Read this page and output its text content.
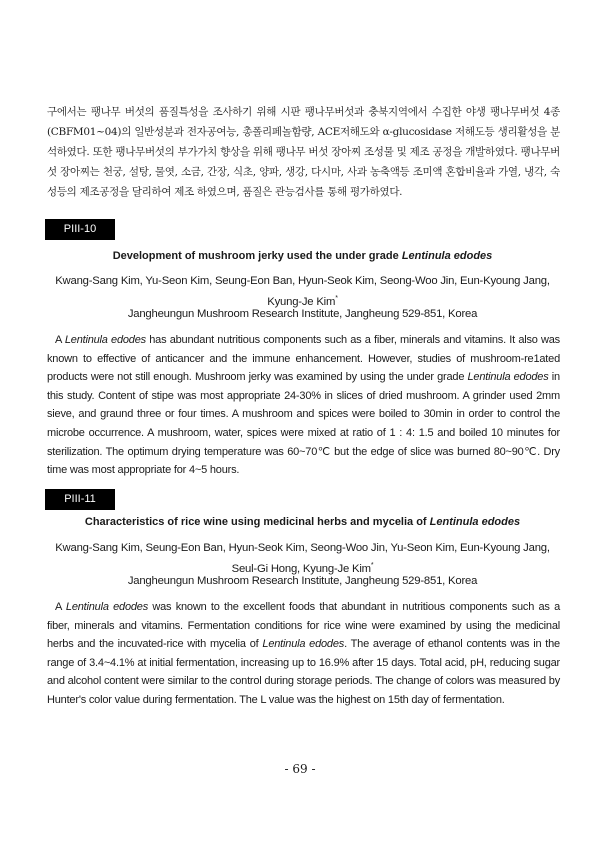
구에서는 팽나무 버섯의 품질특성을 조사하기 위해 시판 팽나무버섯과 충북지역에서 수집한 야생 팽나무버섯 4종(CBFM01~04)의 일반성분과 전자공여능, 총폴리페놀함량, ACE저해도와 α-glucosidase 저해도등 생리활성을 분석하였다. 또한 팽나무버섯의 부가가치 향상을 위해 팽나무 버섯 장아찌 조성물 및 제조 공정을 개발하였다. 팽나무버섯 장아찌는 천궁, 설탕, 물엿, 소금, 간장, 식초, 양파, 생강, 다시마, 사과 농축액등 조미액 혼합비율과 가열, 냉각, 숙성등의 제조공정을 달리하여 제조 하였으며, 품질은 관능검사를 통해 평가하였다.
PIII-10
Development of mushroom jerky used the under grade Lentinula edodes
Kwang-Sang Kim, Yu-Seon Kim, Seung-Eon Ban, Hyun-Seok Kim, Seong-Woo Jin, Eun-Kyoung Jang, Kyung-Je Kim*
Jangheungun Mushroom Research Institute, Jangheung 529-851, Korea
A Lentinula edodes has abundant nutritious components such as a fiber, minerals and vitamins. It also was known to effective of anticancer and the immune enhancement. However, studies of mushroom-re1ated products were not still enough. Mushroom jerky was examined by using the under grade Lentinula edodes in this study. Content of stipe was most appropriate 24-30% in slices of dried mushroom. A grinder used 2mm sieve, and graund three or four times. A mushroom and spices were boiled to 30min in order to control the microbe occurrence. A mushroom, water, spices were mixed at ratio of 1 : 4: 1.5 and boiled 10 minutes for sterilization. The optimum drying temperature was 60~70℃ but the edge of slice was burned 80~90℃. Dry time was most appropriate for 4~5 hours.
PIII-11
Characteristics of rice wine using medicinal herbs and mycelia of Lentinula edodes
Kwang-Sang Kim, Seung-Eon Ban, Hyun-Seok Kim, Seong-Woo Jin, Yu-Seon Kim, Eun-Kyoung Jang, Seul-Gi Hong, Kyung-Je Kim*
Jangheungun Mushroom Research Institute, Jangheung 529-851, Korea
A Lentinula edodes was known to the excellent foods that abundant in nutritious components such as a fiber, minerals and vitamins. Fermentation conditions for rice wine were examined by using the medicinal herbs and the incuvated-rice with mycelia of Lentinula edodes. The average of ethanol contents was in the range of 3.4~4.1% at initial fermentation, increasing up to 16.9% after 15 days. Total acid, pH, reducing sugar and alcohol content were similar to the control during storage periods. The change of colors was measured by Hunter's color value during fermentation. The L value was the highest on 15th day of fermentation.
- 69 -
